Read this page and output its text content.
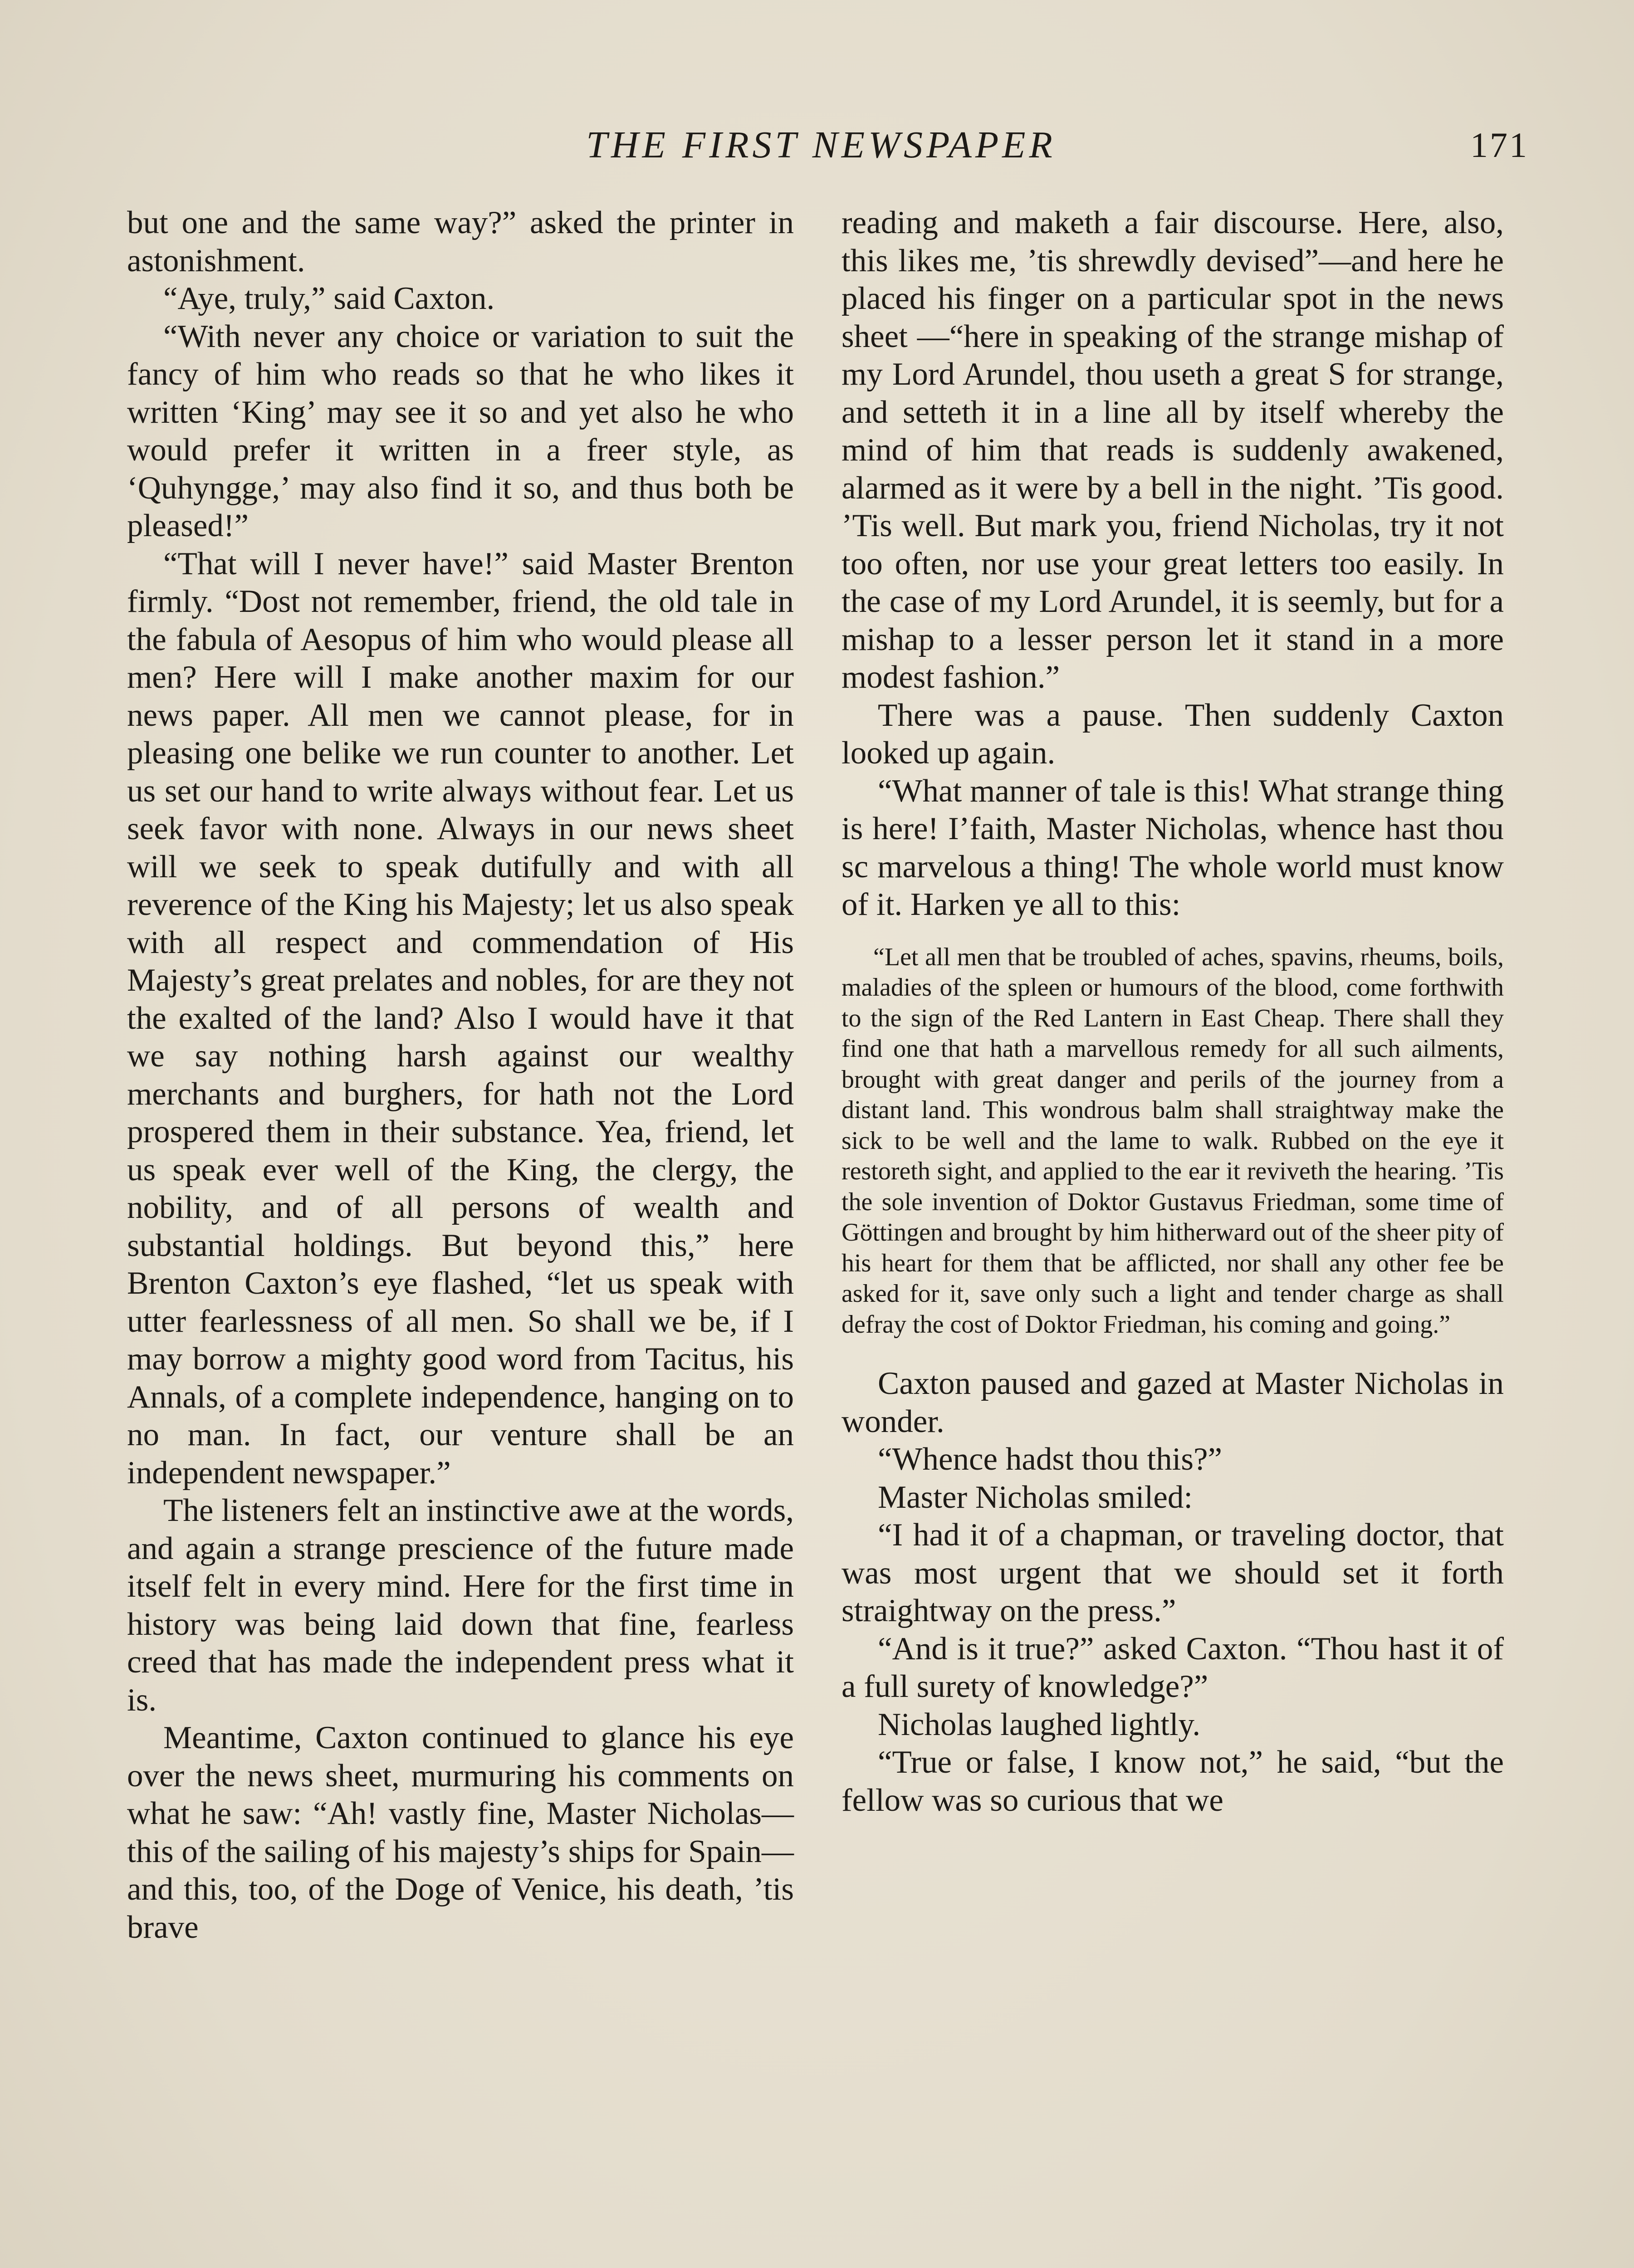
THE FIRST NEWSPAPER	171

but one and the same way?” asked the printer in astonishment.

“Aye, truly,” said Caxton.

“With never any choice or variation to suit the fancy of him who reads so that he who likes it written ‘King’ may see it so and yet also he who would prefer it written in a freer style, as ‘Quhyngge,’ may also find it so, and thus both be pleased!”

“That will I never have!” said Master Brenton firmly. “Dost not remember, friend, the old tale in the fabula of Aesopus of him who would please all men? Here will I make another maxim for our news paper. All men we cannot please, for in pleasing one belike we run counter to another. Let us set our hand to write always without fear. Let us seek favor with none. Always in our news sheet will we seek to speak dutifully and with all reverence of the King his Majesty; let us also speak with all respect and commendation of His Majesty’s great prelates and nobles, for are they not the exalted of the land? Also I would have it that we say nothing harsh against our wealthy merchants and burghers, for hath not the Lord prospered them in their substance. Yea, friend, let us speak ever well of the King, the clergy, the nobility, and of all persons of wealth and substantial holdings. But beyond this,” here Brenton Caxton’s eye flashed, “let us speak with utter fearlessness of all men. So shall we be, if I may borrow a mighty good word from Tacitus, his Annals, of a complete independence, hanging on to no man. In fact, our venture shall be an independent newspaper.”

The listeners felt an instinctive awe at the words, and again a strange prescience of the future made itself felt in every mind. Here for the first time in history was being laid down that fine, fearless creed that has made the independent press what it is.

Meantime, Caxton continued to glance his eye over the news sheet, murmuring his comments on what he saw: “Ah! vastly fine, Master Nicholas—this of the sailing of his majesty’s ships for Spain—and this, too, of the Doge of Venice, his death, ’tis brave

reading and maketh a fair discourse. Here, also, this likes me, ’tis shrewdly devised”—and here he placed his finger on a particular spot in the news sheet —“here in speaking of the strange mishap of my Lord Arundel, thou useth a great S for strange, and setteth it in a line all by itself whereby the mind of him that reads is suddenly awakened, alarmed as it were by a bell in the night. ’Tis good. ’Tis well. But mark you, friend Nicholas, try it not too often, nor use your great letters too easily. In the case of my Lord Arundel, it is seemly, but for a mishap to a lesser person let it stand in a more modest fashion.”

There was a pause. Then suddenly Caxton looked up again.

“What manner of tale is this! What strange thing is here! I’faith, Master Nicholas, whence hast thou sc marvelous a thing! The whole world must know of it. Harken ye all to this:

“Let all men that be troubled of aches, spavins, rheums, boils, maladies of the spleen or humours of the blood, come forthwith to the sign of the Red Lantern in East Cheap. There shall they find one that hath a marvellous remedy for all such ailments, brought with great danger and perils of the journey from a distant land. This wondrous balm shall straightway make the sick to be well and the lame to walk. Rubbed on the eye it restoreth sight, and applied to the ear it reviveth the hearing. ’Tis the sole invention of Doktor Gustavus Friedman, some time of Göttingen and brought by him hitherward out of the sheer pity of his heart for them that be afflicted, nor shall any other fee be asked for it, save only such a light and tender charge as shall defray the cost of Doktor Friedman, his coming and going.”

Caxton paused and gazed at Master Nicholas in wonder.

“Whence hadst thou this?”

Master Nicholas smiled:

“I had it of a chapman, or traveling doctor, that was most urgent that we should set it forth straightway on the press.”

“And is it true?” asked Caxton. “Thou hast it of a full surety of knowledge?”

Nicholas laughed lightly.

“True or false, I know not,” he said, “but the fellow was so curious that we
